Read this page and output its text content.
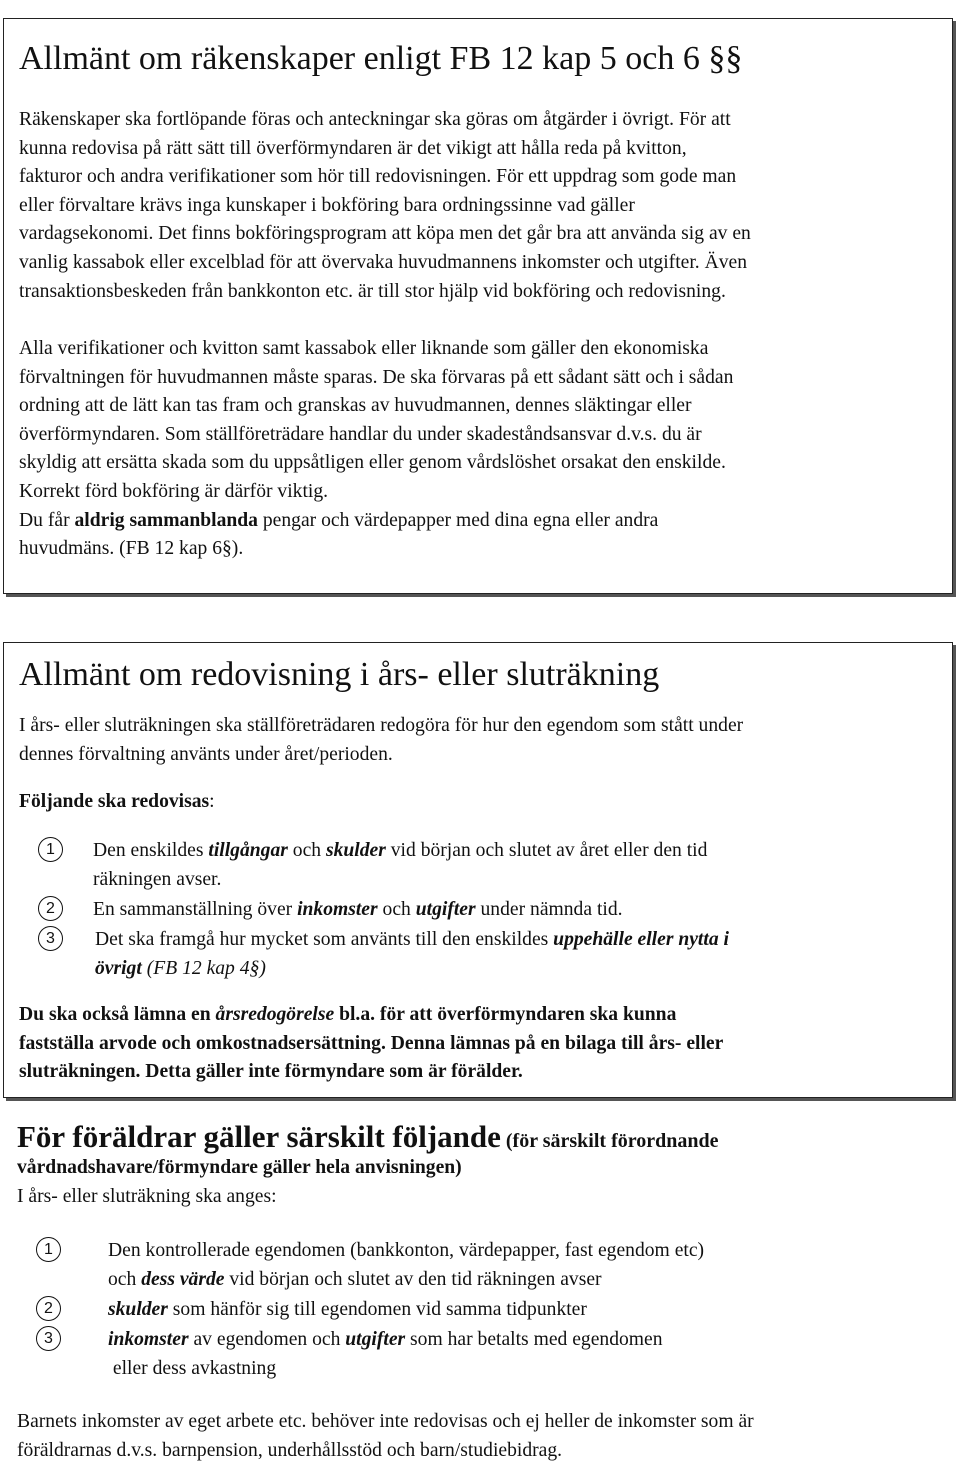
Allmänt om räkenskaper enligt FB 12 kap 5 och 6 §§
Räkenskaper ska fortlöpande föras och anteckningar ska göras om åtgärder i övrigt. För att
kunna redovisa på rätt sätt till överförmyndaren är det vikigt att hålla reda på kvitton,
fakturor och andra verifikationer som hör till redovisningen. För ett uppdrag som gode man
eller förvaltare krävs inga kunskaper i bokföring bara ordningssinne vad gäller
vardagsekonomi. Det finns bokföringsprogram att köpa men det går bra att använda sig av en
vanlig kassabok eller excelblad för att övervaka huvudmannens inkomster och utgifter. Även
transaktionsbeskeden från bankkonton etc. är till stor hjälp vid bokföring och redovisning.
Alla verifikationer och kvitton samt kassabok eller liknande som gäller den ekonomiska
förvaltningen för huvudmannen måste sparas. De ska förvaras på ett sådant sätt och i sådan
ordning att de lätt kan tas fram och granskas av huvudmannen, dennes släktingar eller
överförmyndaren. Som ställföreträdare handlar du under skadeståndsansvar d.v.s. du är
skyldig att ersätta skada som du uppsåtligen eller genom vårdslöshet orsakat den enskilde.
Korrekt förd bokföring är därför viktig.
Du får aldrig sammanblanda pengar och värdepapper med dina egna eller andra
huvudmäns. (FB 12 kap 6§).
Allmänt om redovisning i års- eller sluträkning
I års- eller sluträkningen ska ställföreträdaren redogöra för hur den egendom som stått under
dennes förvaltning använts under året/perioden.
Följande ska redovisas:
1	Den enskildes tillgångar och skulder vid början och slutet av året eller den tid
räkningen avser.
2	En sammanställning över inkomster och utgifter under nämnda tid.
3	Det ska framgå hur mycket som använts till den enskildes uppehälle eller nytta i
övrigt (FB 12 kap 4§)
Du ska också lämna en årsredogörelse bl.a. för att överförmyndaren ska kunna
fastställa arvode och omkostnadsersättning. Denna lämnas på en bilaga till års- eller
sluträkningen. Detta gäller inte förmyndare som är förälder.
För föräldrar gäller särskilt följande (för särskilt förordnande
vårdnadshavare/förmyndare gäller hela anvisningen)
I års- eller sluträkning ska anges:
1	Den kontrollerade egendomen (bankkonton, värdepapper, fast egendom etc)
och dess värde vid början och slutet av den tid räkningen avser
2	skulder som hänför sig till egendomen vid samma tidpunkter
3	inkomster av egendomen och utgifter som har betalts med egendomen
eller dess avkastning
Barnets inkomster av eget arbete etc. behöver inte redovisas och ej heller de inkomster som är
föräldrarnas d.v.s. barnpension, underhållsstöd och barn/studiebidrag.
